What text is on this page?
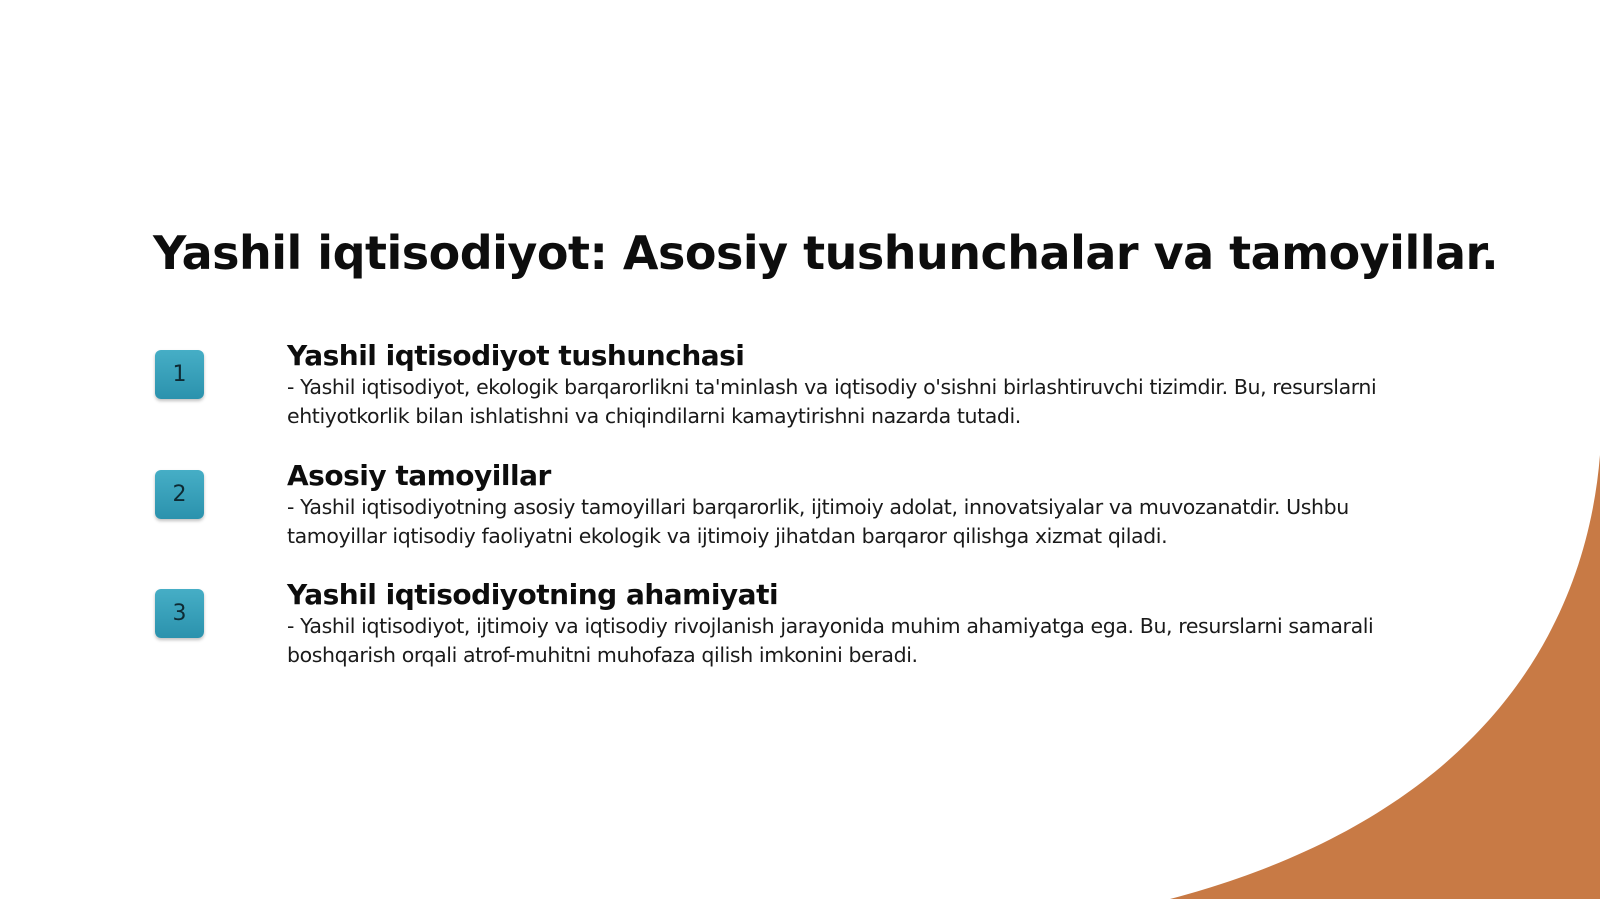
Yashil iqtisodiyot: Asosiy tushunchalar va tamoyillar.
1
Yashil iqtisodiyot tushunchasi

- Yashil iqtisodiyot, ekologik barqarorlikni ta'minlash va iqtisodiy o'sishni birlashtiruvchi tizimdir. Bu, resurslarni ehtiyotkorlik bilan ishlatishni va chiqindilarni kamaytirishni nazarda tutadi.

2
Asosiy tamoyillar

- Yashil iqtisodiyotning asosiy tamoyillari barqarorlik, ijtimoiy adolat, innovatsiyalar va muvozanatdir. Ushbu tamoyillar iqtisodiy faoliyatni ekologik va ijtimoiy jihatdan barqaror qilishga xizmat qiladi.

3
Yashil iqtisodiyotning ahamiyati

- Yashil iqtisodiyot, ijtimoiy va iqtisodiy rivojlanish jarayonida muhim ahamiyatga ega. Bu, resurslarni samarali boshqarish orqali atrof-muhitni muhofaza qilish imkonini beradi.
